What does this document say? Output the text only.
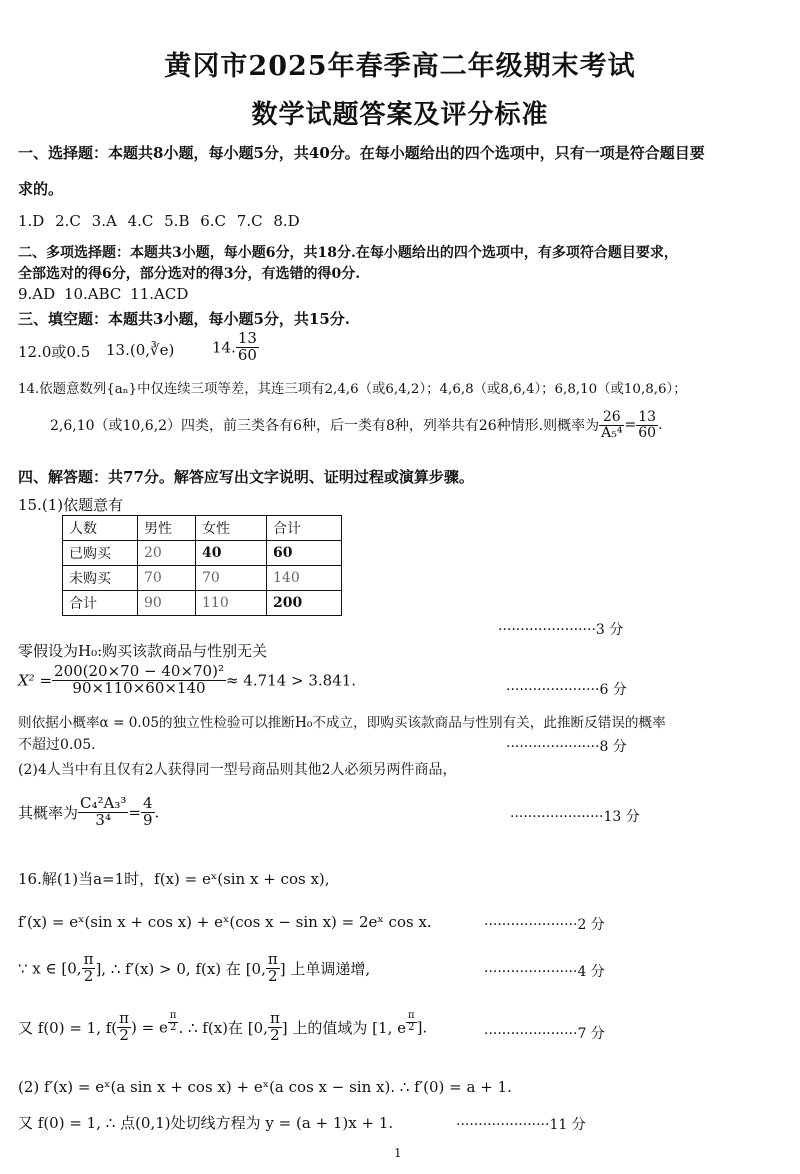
黄冈市2025年春季高二年级期末考试
数学试题答案及评分标准
一、选择题：本题共8小题，每小题5分，共40分。在每小题给出的四个选项中，只有一项是符合题目要
求的。
1.D 2.C 3.A 4.C 5.B 6.C 7.C 8.D
二、多项选择题：本题共3小题，每小题6分，共18分.在每小题给出的四个选项中，有多项符合题目要求，
全部选对的得6分，部分选对的得3分，有选错的得0分.
9.AD 10.ABC 11.ACD
三、填空题：本题共3小题，每小题5分，共15分.
12.0或0.5 13.(0,∛e)	14. $\frac{13}{60}$
14.依题意数列{aₙ}中仅连续三项等差，其连三项有2,4,6（或6,4,2）；4,6,8（或8,6,4）；6,8,10（或10,8,6）；
2,6,10（或10,6,2）四类，前三类各有6种，后一类有8种，列举共有26种情形.则概率为 $\frac{26}{\text{A₅⁴}} = \frac{13}{60}$ .
四、解答题：共77分。解答应写出文字说明、证明过程或演算步骤。
15.(1)依题意有
人数	男性	女性	合计
已购买	20	40	60
未购买	70	70	140
合计	90	110	200
······················3 分
零假设为H₀:购买该款商品与性别无关
$X^2 = \frac{\text{200(20×70 − 40×70)²}}{90\times 110\times 60\times 140} \approx 4.714 > 3.841$.
·····················6 分
则依据小概率α = 0.05的独立性检验可以推断H₀不成立，即购买该款商品与性别有关，此推断反错误的概率
不超过0.05.	·····················8 分
(2)4人当中有且仅有2人获得同一型号商品则其他2人必须另两件商品，
其概率为 $\frac{\text{C₄²A₃³}}{\text{3⁴}} = \frac{4}{9}$ .	·····················13 分
16.解(1)当a=1时，f(x) = eˣ(sin x + cos x),
f′(x) = eˣ(sin x + cos x) + eˣ(cos x − sin x) = 2eˣ cos x.	·····················2 分
∵ x ∈ [0, $\frac{\pi}{2}$ ], ∴ f′(x) > 0, f(x) 在 [0, $\frac{\pi}{2}$ ] 上单调递增,	·····················4 分
又 f(0) = 1, $f( \frac{\pi}{2}$ ) = e $\frac{\pi}{2}$ . ∴ f(x)在 [0, $\frac{\pi}{2}$ ] 上的值域为 [1, e $\frac{\pi}{2}$ ].	·····················7 分
(2) f′(x) = eˣ(a sin x + cos x) + eˣ(a cos x − sin x). ∴ f′(0) = a + 1.
又 f(0) = 1, ∴ 点(0,1)处切线方程为 y = (a + 1)x + 1.	·····················11 分
1
